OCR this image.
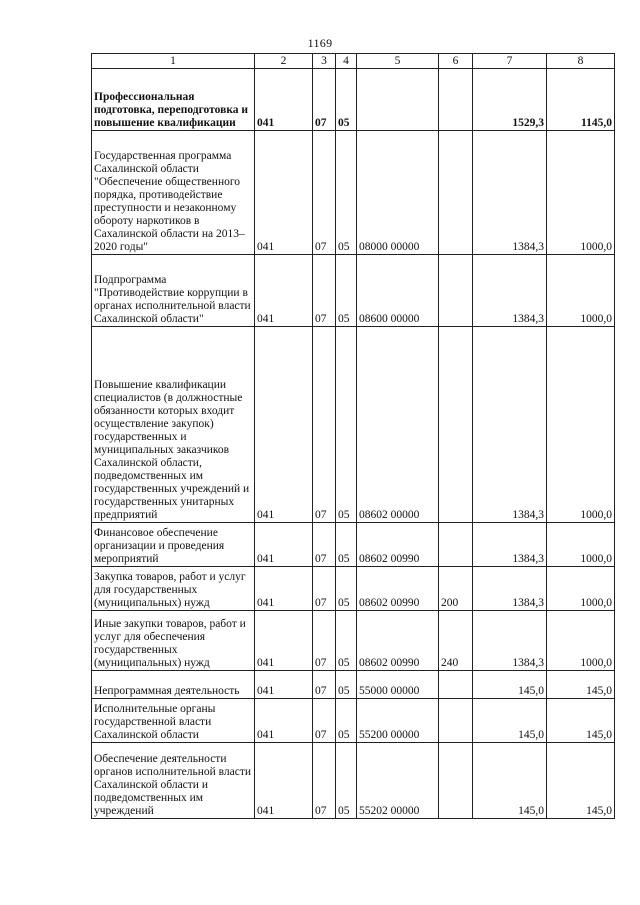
1169
1	2	3	4	5	6	7	8
Профессиональная подготовка, переподготовка и повышение квалификации	041	07	05			1529,3	1145,0
Государственная программа Сахалинской области "Обеспечение общественного порядка, противодействие преступности и незаконному обороту наркотиков в Сахалинской области на 2013–2020 годы"	041	07	05	08000 00000		1384,3	1000,0
Подпрограмма "Противодействие коррупции в органах исполнительной власти Сахалинской области"	041	07	05	08600 00000		1384,3	1000,0
Повышение квалификации специалистов (в должностные обязанности которых входит осуществление закупок) государственных и муниципальных заказчиков Сахалинской области, подведомственных им государственных учреждений и государственных унитарных предприятий	041	07	05	08602 00000		1384,3	1000,0
Финансовое обеспечение организации и проведения мероприятий	041	07	05	08602 00990		1384,3	1000,0
Закупка товаров, работ и услуг для государственных (муниципальных) нужд	041	07	05	08602 00990	200	1384,3	1000,0
Иные закупки товаров, работ и услуг для обеспечения государственных (муниципальных) нужд	041	07	05	08602 00990	240	1384,3	1000,0
Непрограммная деятельность	041	07	05	55000 00000		145,0	145,0
Исполнительные органы государственной власти Сахалинской области	041	07	05	55200 00000		145,0	145,0
Обеспечение деятельности органов исполнительной власти Сахалинской области и подведомственных им учреждений	041	07	05	55202 00000		145,0	145,0
